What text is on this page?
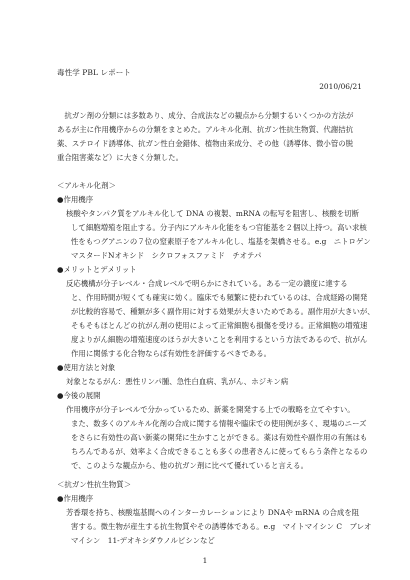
毒性学 PBL レポート
2010/06/21
　抗ガン剤の分類には多数あり、成分、合成法などの観点から分類するいくつかの方法が
あるが主に作用機序からの分類をまとめた。アルキル化剤、抗ガン性抗生物質、代謝拮抗
薬、ステロイド誘導体、抗ガン性白金錯体、植物由来成分、その他（誘導体、微小管の脱
重合阻害薬など）に大きく分類した。
＜アルキル化剤＞
●作用機序
核酸やタンパク質をアルキル化して DNA の複製、mRNA の転写を阻害し、核酸を切断
して細胞増殖を阻止する。分子内にアルキル化能をもつ官能基を２個以上持つ。高い求核
性をもつグアニンの７位の窒素原子をアルキル化し、塩基を架橋させる。e.g　ニトロゲン
マスタードNオキシド　シクロフォスファミド　チオテパ
●メリットとデメリット
反応機構が分子レベル・合成レベルで明らかにされている。ある一定の濃度に達する
と、作用時間が短くても確実に効く。臨床でも頻繁に使われているのは、合成経路の開発
が比較的容易で、種類が多く副作用に対する効果が大きいためである。副作用が大きいが、
そもそもほとんどの抗がん剤の使用によって正常細胞も損傷を受ける。正常細胞の増殖速
度よりがん細胞の増殖速度のほうが大きいことを利用するという方法であるので、抗がん
作用に関係する化合物ならば有効性を評価するべきである。
●使用方法と対象
対象となるがん：悪性リンパ腫、急性白血病、乳がん、ホジキン病
●今後の展開
作用機序が分子レベルで分かっているため、新薬を開発する上での戦略を立てやすい。
また、数多くのアルキル化剤の合成に関する情報や臨床での使用例が多く、現場のニーズ
をさらに有効性の高い新薬の開発に生かすことができる。薬は有効性や副作用の有無はも
ちろんであるが、効率よく合成できることも多くの患者さんに使ってもらう条件となるの
で、このような観点から、他の抗ガン剤に比べて優れていると言える。
＜抗ガン性抗生物質＞
●作用機序
芳香環を持ち、核酸塩基間へのインターカレーションにより DNAや mRNA の合成を阻
害する。微生物が産生する抗生物質やその誘導体である。e.g　マイトマイシン C　ブレオ
マイシン　11-デオキシダウノルビシンなど
1
